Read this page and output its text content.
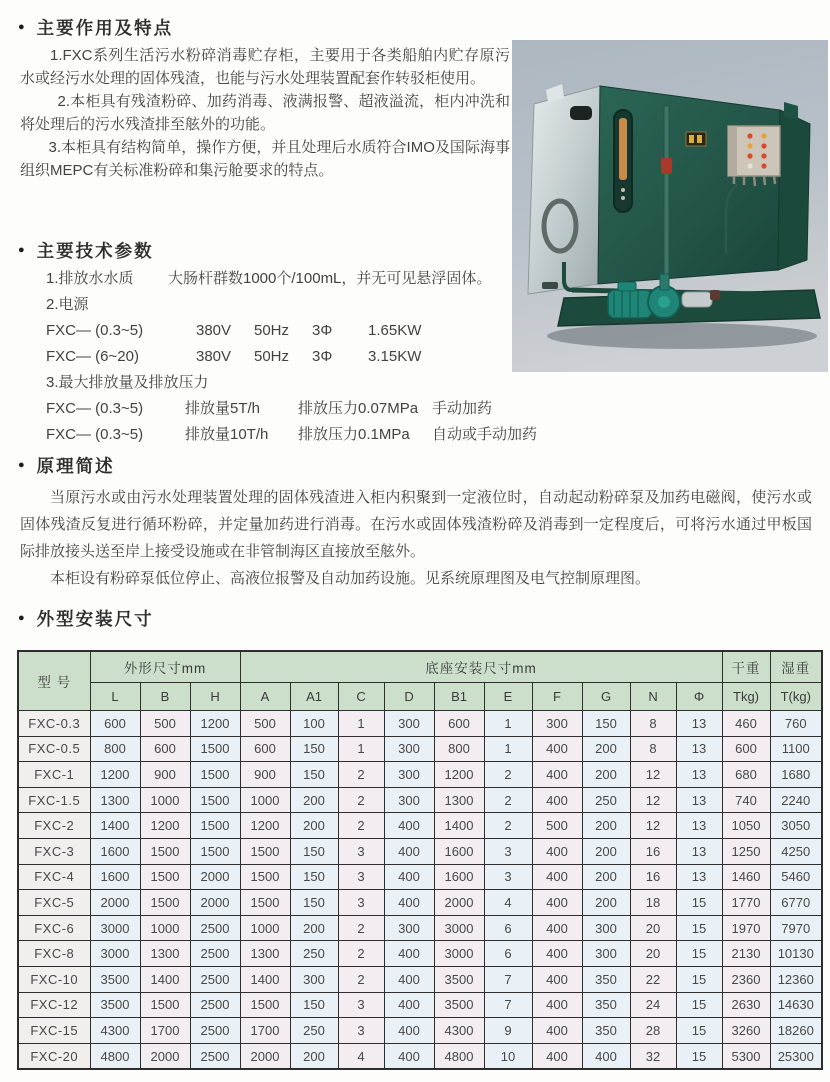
● 主要作用及特点

1.FXC系列生活污水粉碎消毒贮存柜，主要用于各类船舶内贮存原污水或经污水处理的固体残渣，也能与污水处理装置配套作转驳柜使用。

2.本柜具有残渣粉碎、加药消毒、液满报警、超液溢流，柜内冲洗和将处理后的污水残渣排至舷外的功能。

3.本柜具有结构简单，操作方便，并且处理后水质符合IMO及国际海事组织MEPC有关标准粉碎和集污舱要求的特点。

● 主要技术参数
1.排放水水质	大肠杆群数1000个/100mL，并无可见悬浮固体。
2.电源
FXC— (0.3~5)	380V	50Hz	3Φ	1.65KW
FXC— (6~20)	380V	50Hz	3Φ	3.15KW
3.最大排放量及排放压力
FXC— (0.3~5)	排放量5T/h	排放压力0.07MPa 手动加药
FXC— (0.3~5)	排放量10T/h	排放压力0.1MPa	自动或手动加药
● 原理简述

当原污水或由污水处理装置处理的固体残渣进入柜内积聚到一定液位时，自动起动粉碎泵及加药电磁阀，使污水或固体残渣反复进行循环粉碎，并定量加药进行消毒。在污水或固体残渣粉碎及消毒到一定程度后，可将污水通过甲板国际排放接头送至岸上接受设施或在非管制海区直接放至舷外。

本柜设有粉碎泵低位停止、高液位报警及自动加药设施。见系统原理图及电气控制原理图。

● 外型安装尺寸
型 号	外形尺寸mm			底座安装尺寸mm										干重	湿重
	L	B	H	A	A1	C	D	B1	E	F	G	N	Φ	Tkg)	T(kg)
FXC-0.3	600	500	1200	500	100	1	300	600	1	300	150	8	13	460	760
FXC-0.5	800	600	1500	600	150	1	300	800	1	400	200	8	13	600	1100
FXC-1	1200	900	1500	900	150	2	300	1200	2	400	200	12	13	680	1680
FXC-1.5	1300	1000	1500	1000	200	2	300	1300	2	400	250	12	13	740	2240
FXC-2	1400	1200	1500	1200	200	2	400	1400	2	500	200	12	13	1050	3050
FXC-3	1600	1500	1500	1500	150	3	400	1600	3	400	200	16	13	1250	4250
FXC-4	1600	1500	2000	1500	150	3	400	1600	3	400	200	16	13	1460	5460
FXC-5	2000	1500	2000	1500	150	3	400	2000	4	400	200	18	15	1770	6770
FXC-6	3000	1000	2500	1000	200	2	300	3000	6	400	300	20	15	1970	7970
FXC-8	3000	1300	2500	1300	250	2	400	3000	6	400	300	20	15	2130	10130
FXC-10	3500	1400	2500	1400	300	2	400	3500	7	400	350	22	15	2360	12360
FXC-12	3500	1500	2500	1500	150	3	400	3500	7	400	350	24	15	2630	14630
FXC-15	4300	1700	2500	1700	250	3	400	4300	9	400	350	28	15	3260	18260
FXC-20	4800	2000	2500	2000	200	4	400	4800	10	400	400	32	15	5300	25300
